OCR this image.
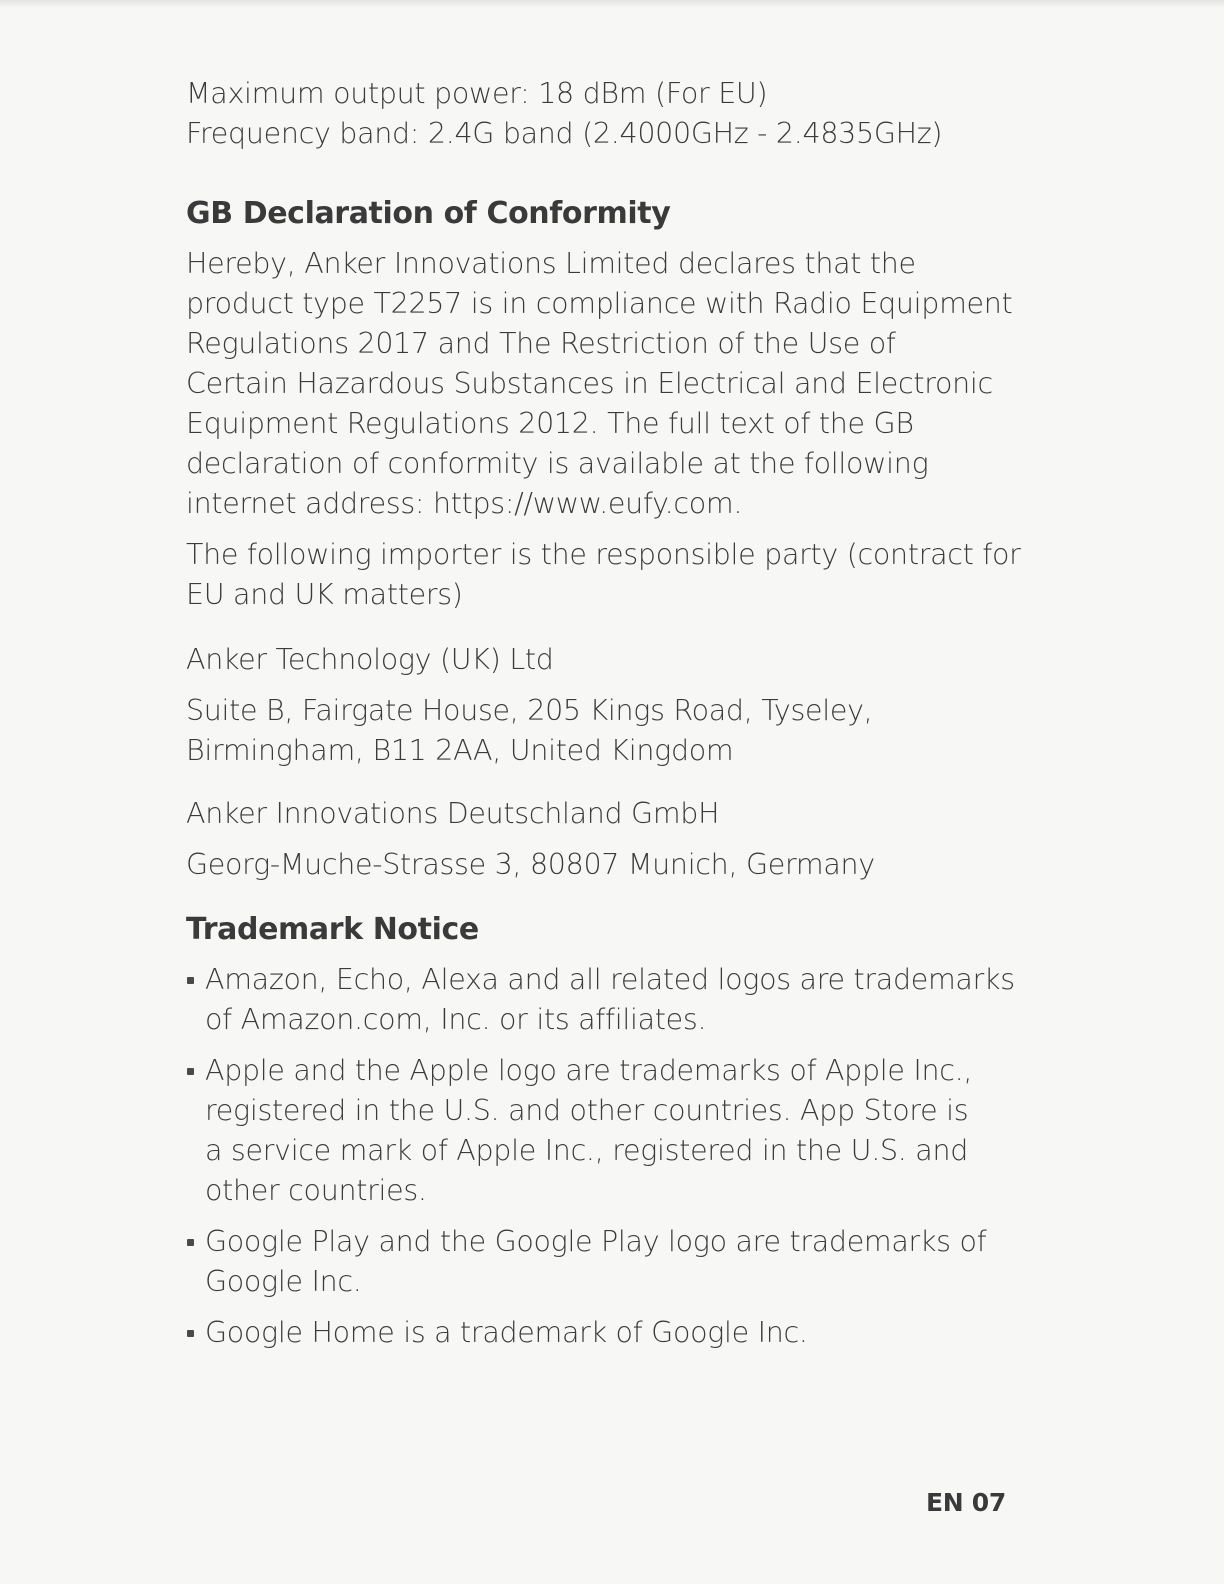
Maximum output power: 18 dBm (For EU)
Frequency band: 2.4G band (2.4000GHz - 2.4835GHz)
GB Declaration of Conformity
Hereby, Anker Innovations Limited declares that the
product type T2257 is in compliance with Radio Equipment
Regulations 2017 and The Restriction of the Use of
Certain Hazardous Substances in Electrical and Electronic
Equipment Regulations 2012. The full text of the GB
declaration of conformity is available at the following
internet address: https://www.eufy.com.
The following importer is the responsible party (contract for
EU and UK matters)
Anker Technology (UK) Ltd
Suite B, Fairgate House, 205 Kings Road, Tyseley,
Birmingham, B11 2AA, United Kingdom
Anker Innovations Deutschland GmbH
Georg-Muche-Strasse 3, 80807 Munich, Germany
Trademark Notice
Amazon, Echo, Alexa and all related logos are trademarks
of Amazon.com, Inc. or its affiliates.
Apple and the Apple logo are trademarks of Apple Inc.,
registered in the U.S. and other countries. App Store is
a service mark of Apple Inc., registered in the U.S. and
other countries.
Google Play and the Google Play logo are trademarks of
Google Inc.
Google Home is a trademark of Google Inc.
EN 07
